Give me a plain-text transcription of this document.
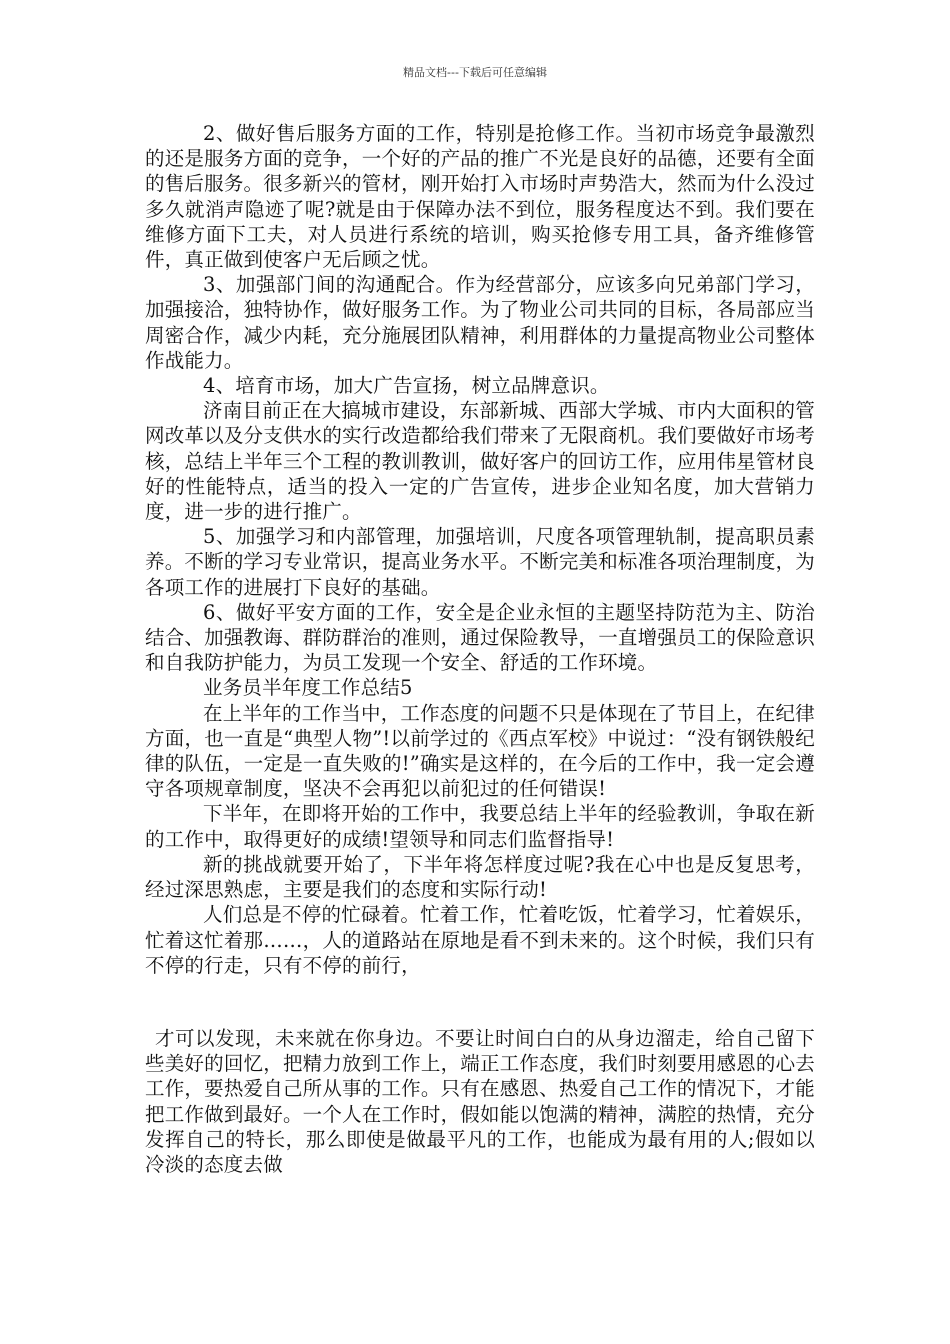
精品文档---下载后可任意编辑

2、做好售后服务方面的工作，特别是抢修工作。当初市场竞争最激烈的还是服务方面的竞争，一个好的产品的推广不光是良好的品德，还要有全面的售后服务。很多新兴的管材，刚开始打入市场时声势浩大，然而为什么没过多久就消声隐迹了呢?就是由于保障办法不到位，服务程度达不到。我们要在维修方面下工夫，对人员进行系统的培训，购买抢修专用工具，备齐维修管件，真正做到使客户无后顾之忧。

3、加强部门间的沟通配合。作为经营部分，应该多向兄弟部门学习，加强接洽，独特协作，做好服务工作。为了物业公司共同的目标，各局部应当周密合作，减少内耗，充分施展团队精神，利用群体的力量提高物业公司整体作战能力。

4、培育市场，加大广告宣扬，树立品牌意识。

济南目前正在大搞城市建设，东部新城、西部大学城、市内大面积的管网改革以及分支供水的实行改造都给我们带来了无限商机。我们要做好市场考核，总结上半年三个工程的教训教训，做好客户的回访工作，应用伟星管材良好的性能特点，适当的投入一定的广告宣传，进步企业知名度，加大营销力度，进一步的进行推广。

5、加强学习和内部管理，加强培训，尺度各项管理轨制，提高职员素养。不断的学习专业常识，提高业务水平。不断完美和标准各项治理制度，为各项工作的进展打下良好的基础。

6、做好平安方面的工作，安全是企业永恒的主题坚持防范为主、防治结合、加强教诲、群防群治的准则，通过保险教导，一直增强员工的保险意识和自我防护能力，为员工发现一个安全、舒适的工作环境。

业务员半年度工作总结5

在上半年的工作当中，工作态度的问题不只是体现在了节目上，在纪律方面，也一直是“典型人物”!以前学过的《西点军校》中说过：“没有钢铁般纪律的队伍，一定是一直失败的!”确实是这样的，在今后的工作中，我一定会遵守各项规章制度，坚决不会再犯以前犯过的任何错误!

下半年，在即将开始的工作中，我要总结上半年的经验教训，争取在新的工作中，取得更好的成绩!望领导和同志们监督指导!

新的挑战就要开始了，下半年将怎样度过呢?我在心中也是反复思考，经过深思熟虑，主要是我们的态度和实际行动!

人们总是不停的忙碌着。忙着工作，忙着吃饭，忙着学习，忙着娱乐，忙着这忙着那……，人的道路站在原地是看不到未来的。这个时候，我们只有不停的行走，只有不停的前行，

才可以发现，未来就在你身边。不要让时间白白的从身边溜走，给自己留下些美好的回忆，把精力放到工作上，端正工作态度，我们时刻要用感恩的心去工作，要热爱自己所从事的工作。只有在感恩、热爱自己工作的情况下，才能把工作做到最好。一个人在工作时，假如能以饱满的精神，满腔的热情，充分发挥自己的特长，那么即使是做最平凡的工作，也能成为最有用的人;假如以冷淡的态度去做
